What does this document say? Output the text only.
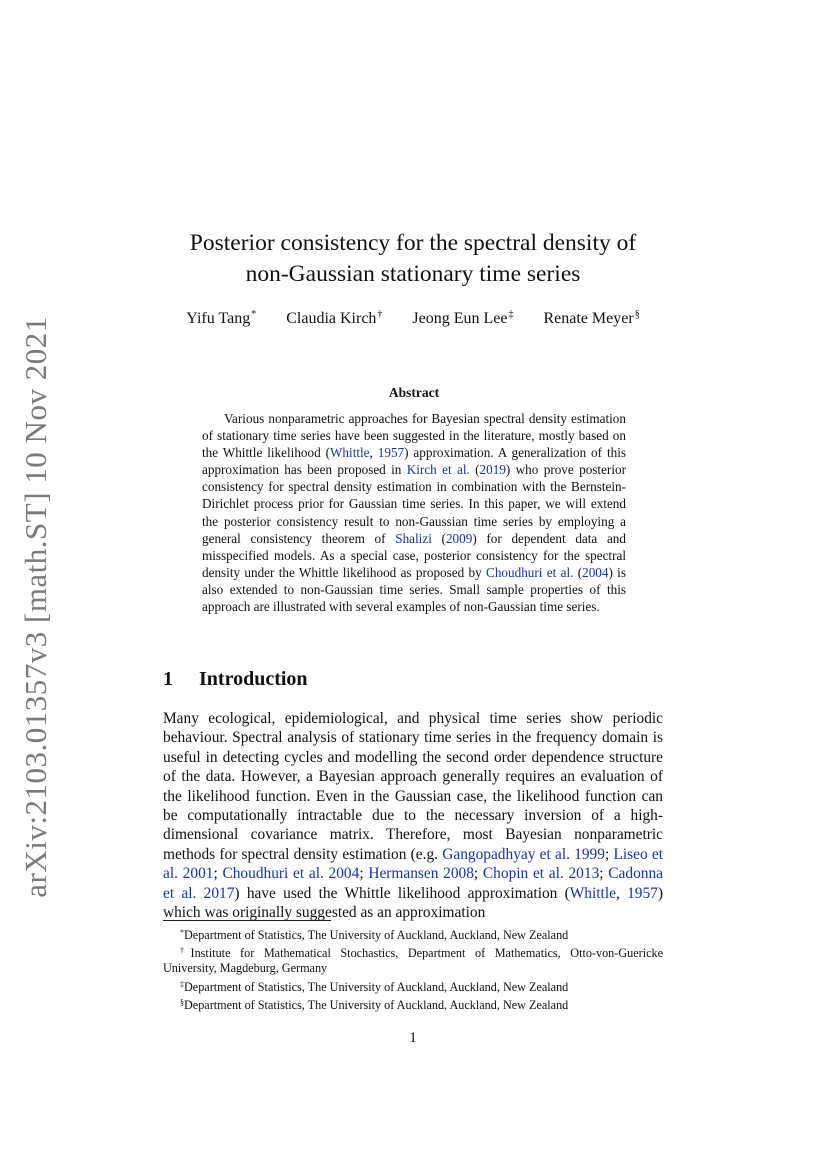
arXiv:2103.01357v3 [math.ST] 10 Nov 2021
Posterior consistency for the spectral density of
non-Gaussian stationary time series
Yifu Tang* Claudia Kirch† Jeong Eun Lee‡ Renate Meyer§
Abstract
Various nonparametric approaches for Bayesian spectral density estimation of stationary time series have been suggested in the literature, mostly based on the Whittle likelihood (Whittle, 1957) approximation. A generalization of this approximation has been proposed in Kirch et al. (2019) who prove posterior consistency for spectral density estimation in combination with the Bernstein-Dirichlet process prior for Gaussian time series. In this paper, we will extend the posterior consistency result to non-Gaussian time series by employing a general consistency theorem of Shalizi (2009) for dependent data and misspecified models. As a special case, posterior consistency for the spectral density under the Whittle likelihood as proposed by Choudhuri et al. (2004) is also extended to non-Gaussian time series. Small sample properties of this approach are illustrated with several examples of non-Gaussian time series.
1 Introduction
Many ecological, epidemiological, and physical time series show periodic behaviour. Spectral analysis of stationary time series in the frequency domain is useful in detecting cycles and modelling the second order dependence structure of the data. However, a Bayesian approach generally requires an evaluation of the likelihood function. Even in the Gaussian case, the likelihood function can be computationally intractable due to the necessary inversion of a high-dimensional covariance matrix. Therefore, most Bayesian nonparametric methods for spectral density estimation (e.g. Gangopadhyay et al. 1999; Liseo et al. 2001; Choudhuri et al. 2004; Hermansen 2008; Chopin et al. 2013; Cadonna et al. 2017) have used the Whittle likelihood approximation (Whittle, 1957) which was originally suggested as an approximation

*Department of Statistics, The University of Auckland, Auckland, New Zealand

†Institute for Mathematical Stochastics, Department of Mathematics, Otto-von-Guericke University, Magdeburg, Germany

‡Department of Statistics, The University of Auckland, Auckland, New Zealand

§Department of Statistics, The University of Auckland, Auckland, New Zealand

1
